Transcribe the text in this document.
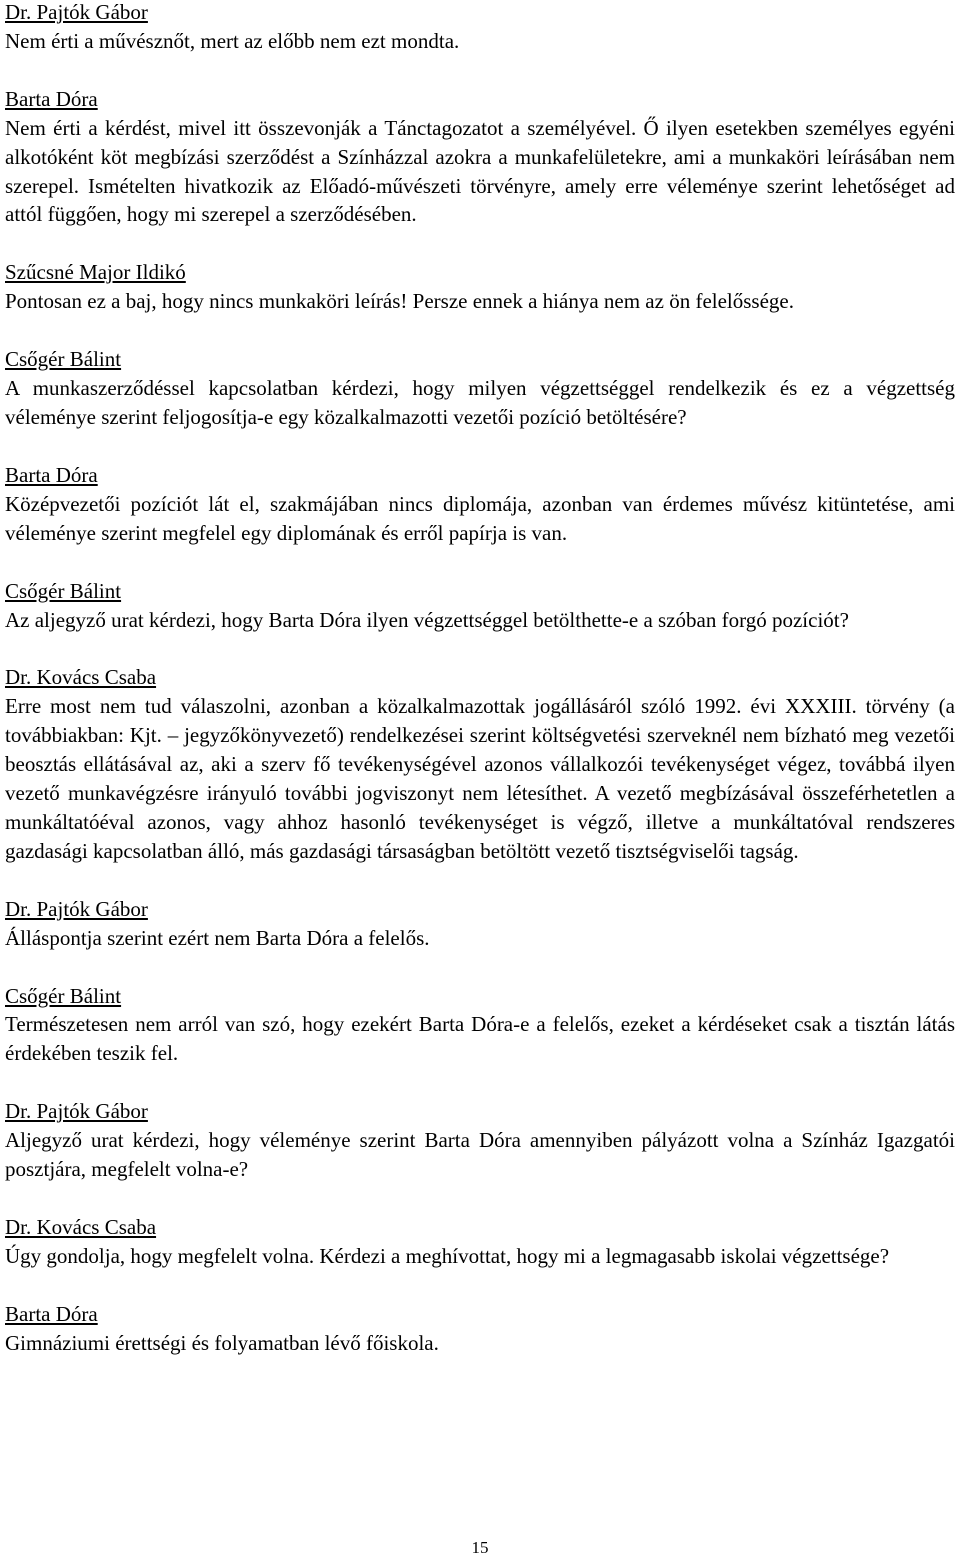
Dr. Pajtók Gábor
Nem érti a művésznőt, mert az előbb nem ezt mondta.
Barta Dóra
Nem érti a kérdést, mivel itt összevonják a Tánctagozatot a személyével. Ő ilyen esetekben személyes egyéni alkotóként köt megbízási szerződést a Színházzal azokra a munkafelületekre, ami a munkaköri leírásában nem szerepel. Ismételten hivatkozik az Előadó-művészeti törvényre, amely erre véleménye szerint lehetőséget ad attól függően, hogy mi szerepel a szerződésében.
Szűcsné Major Ildikó
Pontosan ez a baj, hogy nincs munkaköri leírás! Persze ennek a hiánya nem az ön felelőssége.
Csőgér Bálint
A munkaszerződéssel kapcsolatban kérdezi, hogy milyen végzettséggel rendelkezik és ez a végzettség véleménye szerint feljogosítja-e egy közalkalmazotti vezetői pozíció betöltésére?
Barta Dóra
Középvezetői pozíciót lát el, szakmájában nincs diplomája, azonban van érdemes művész kitüntetése, ami véleménye szerint megfelel egy diplomának és erről papírja is van.
Csőgér Bálint
Az aljegyző urat kérdezi, hogy Barta Dóra ilyen végzettséggel betölthette-e a szóban forgó pozíciót?
Dr. Kovács Csaba
Erre most nem tud válaszolni, azonban a közalkalmazottak jogállásáról szóló 1992. évi XXXIII. törvény (a továbbiakban: Kjt. – jegyzőkönyvezető) rendelkezései szerint költségvetési szerveknél nem bízható meg vezetői beosztás ellátásával az, aki a szerv fő tevékenységével azonos vállalkozói tevékenységet végez, továbbá ilyen vezető munkavégzésre irányuló további jogviszonyt nem létesíthet. A vezető megbízásával összeférhetetlen a munkáltatóéval azonos, vagy ahhoz hasonló tevékenységet is végző, illetve a munkáltatóval rendszeres gazdasági kapcsolatban álló, más gazdasági társaságban betöltött vezető tisztségviselői tagság.
Dr. Pajtók Gábor
Álláspontja szerint ezért nem Barta Dóra a felelős.
Csőgér Bálint
Természetesen nem arról van szó, hogy ezekért Barta Dóra-e a felelős, ezeket a kérdéseket csak a tisztán látás érdekében teszik fel.
Dr. Pajtók Gábor
Aljegyző urat kérdezi, hogy véleménye szerint Barta Dóra amennyiben pályázott volna a Színház Igazgatói posztjára, megfelelt volna-e?
Dr. Kovács Csaba
Úgy gondolja, hogy megfelelt volna. Kérdezi a meghívottat, hogy mi a legmagasabb iskolai végzettsége?
Barta Dóra
Gimnáziumi érettségi és folyamatban lévő főiskola.
15
